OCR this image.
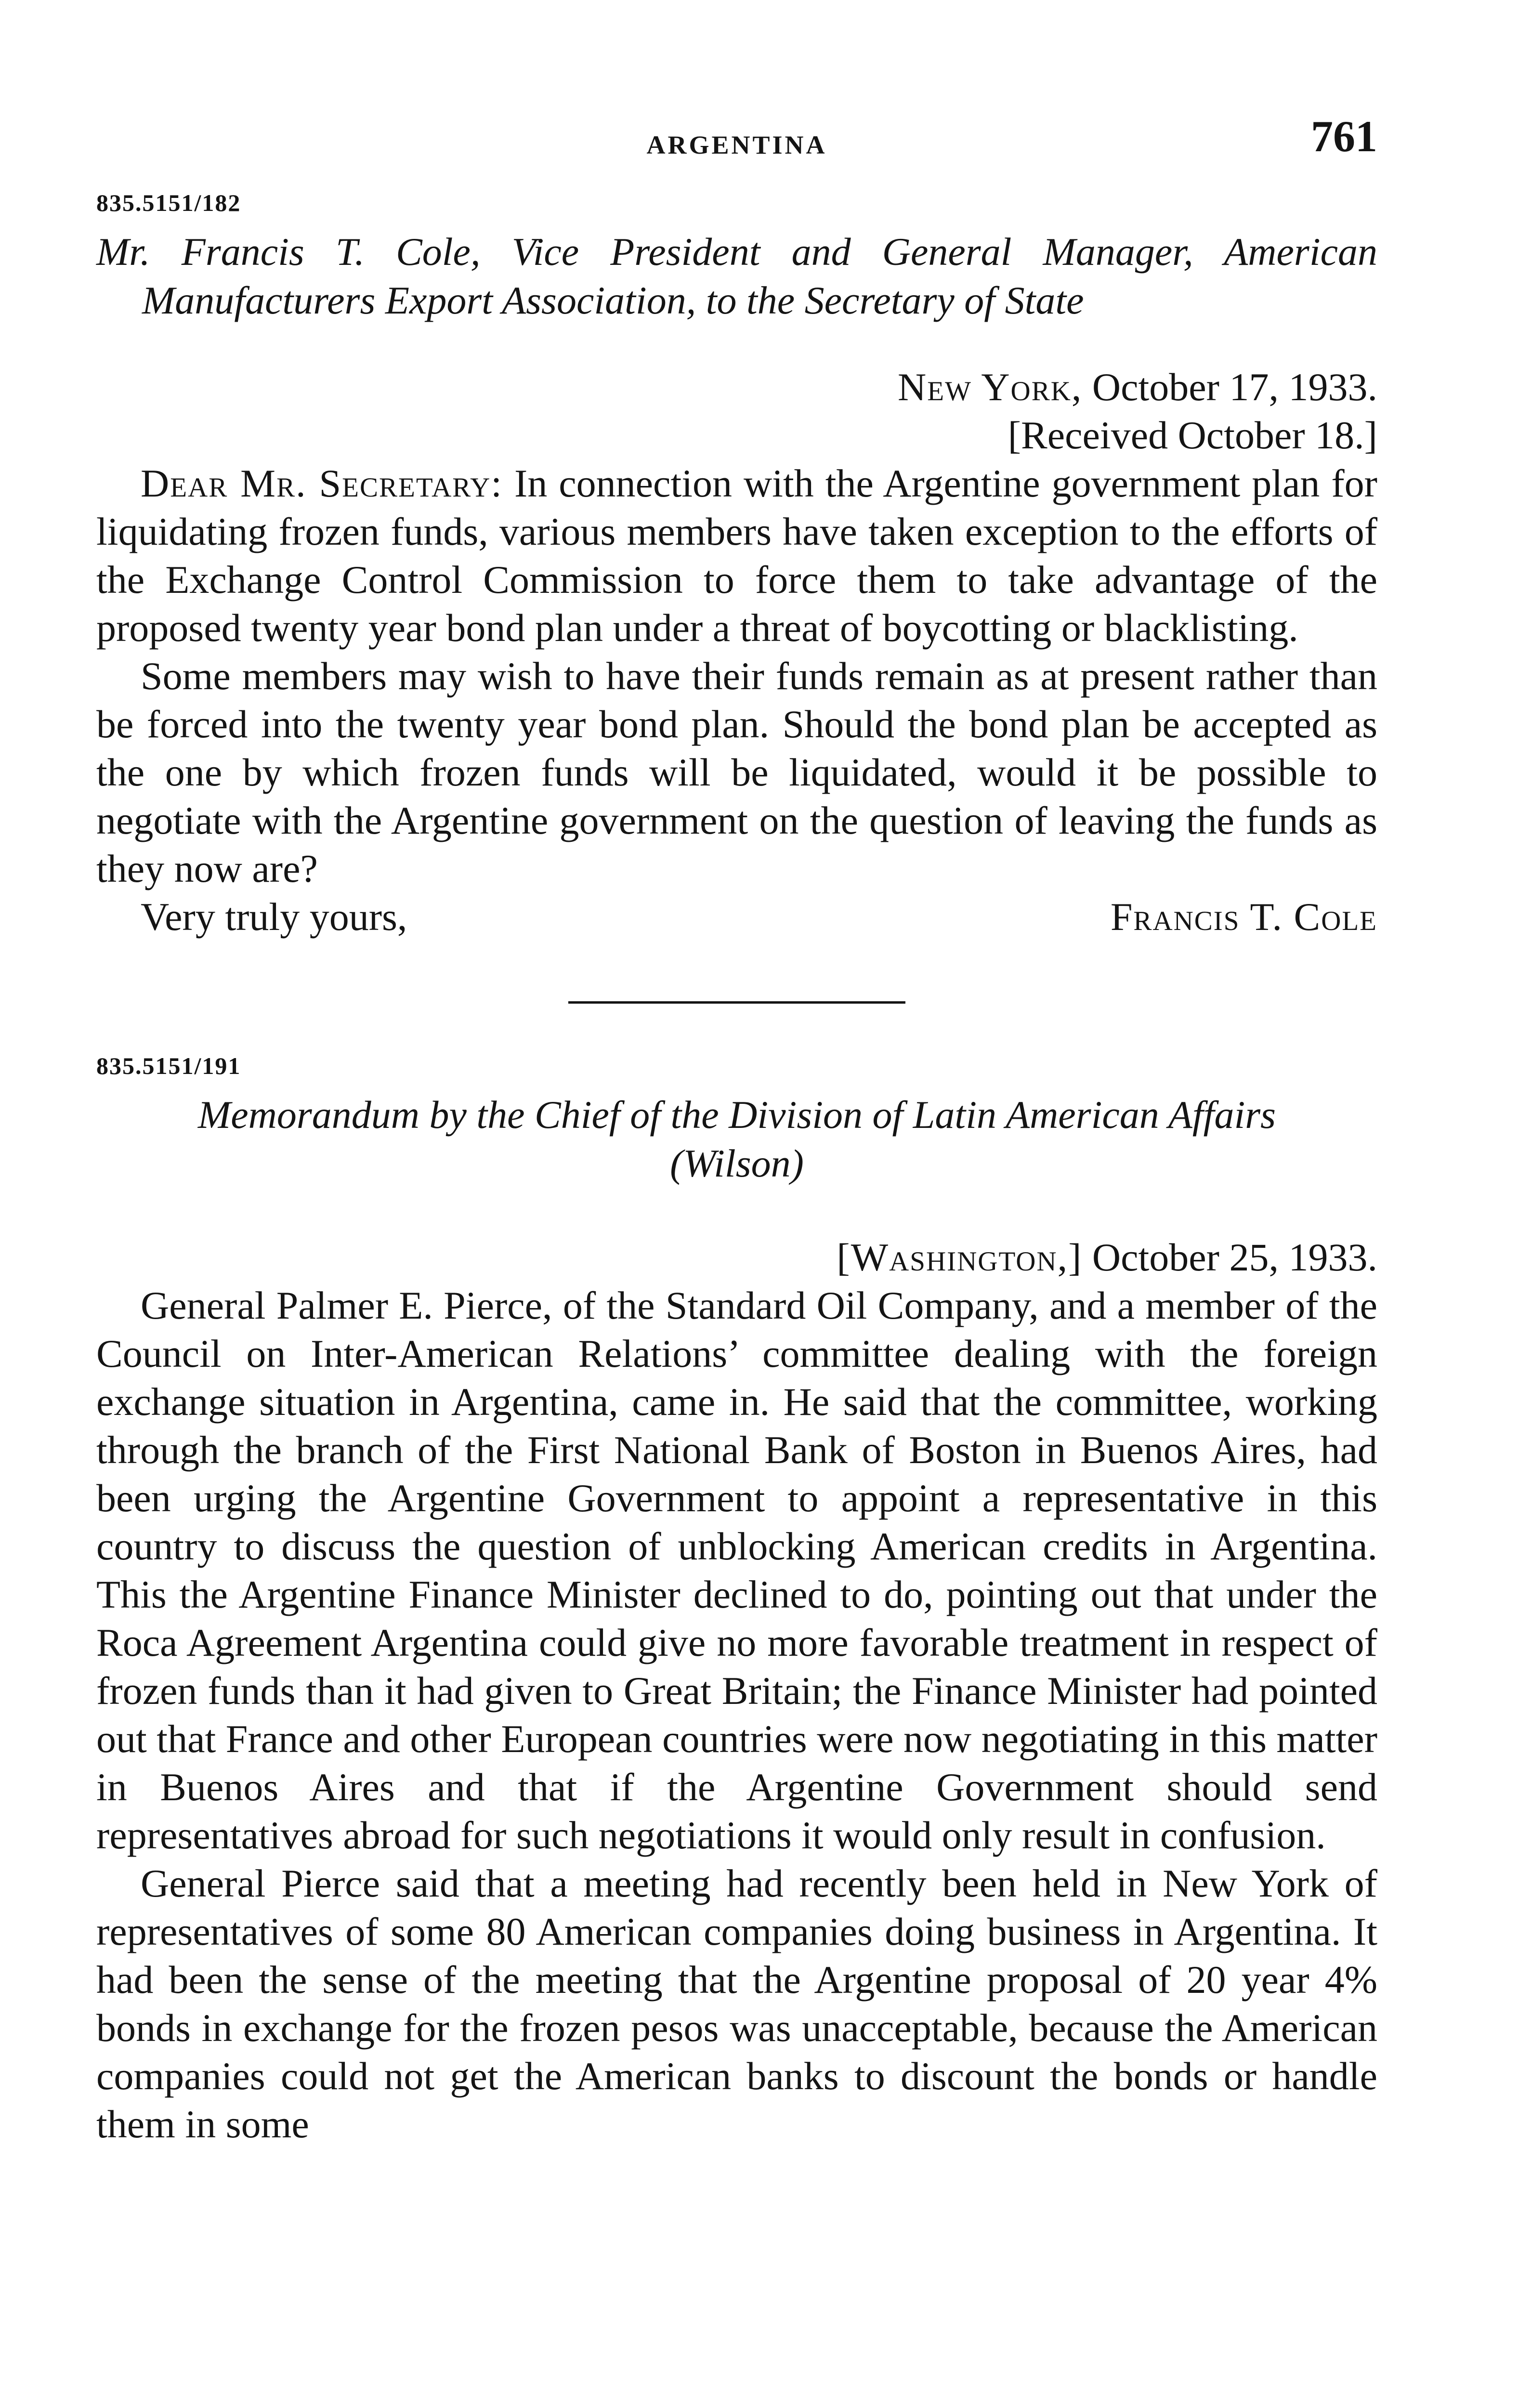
ARGENTINA	761
835.5151/182
Mr. Francis T. Cole, Vice President and General Manager, American Manufacturers Export Association, to the Secretary of State
New York, October 17, 1933.
[Received October 18.]

Dear Mr. Secretary: In connection with the Argentine government plan for liquidating frozen funds, various members have taken exception to the efforts of the Exchange Control Commission to force them to take advantage of the proposed twenty year bond plan under a threat of boycotting or blacklisting.

Some members may wish to have their funds remain as at present rather than be forced into the twenty year bond plan. Should the bond plan be accepted as the one by which frozen funds will be liquidated, would it be possible to negotiate with the Argentine government on the question of leaving the funds as they now are?

Very truly yours,	Francis T. Cole
835.5151/191
Memorandum by the Chief of the Division of Latin American Affairs
(Wilson)
[Washington,] October 25, 1933.

General Palmer E. Pierce, of the Standard Oil Company, and a member of the Council on Inter-American Relations’ committee dealing with the foreign exchange situation in Argentina, came in. He said that the committee, working through the branch of the First National Bank of Boston in Buenos Aires, had been urging the Argentine Government to appoint a representative in this country to discuss the question of unblocking American credits in Argentina. This the Argentine Finance Minister declined to do, pointing out that under the Roca Agreement Argentina could give no more favorable treatment in respect of frozen funds than it had given to Great Britain; the Finance Minister had pointed out that France and other European countries were now negotiating in this matter in Buenos Aires and that if the Argentine Government should send representatives abroad for such negotiations it would only result in confusion.

General Pierce said that a meeting had recently been held in New York of representatives of some 80 American companies doing business in Argentina. It had been the sense of the meeting that the Argentine proposal of 20 year 4% bonds in exchange for the frozen pesos was unacceptable, because the American companies could not get the American banks to discount the bonds or handle them in some
